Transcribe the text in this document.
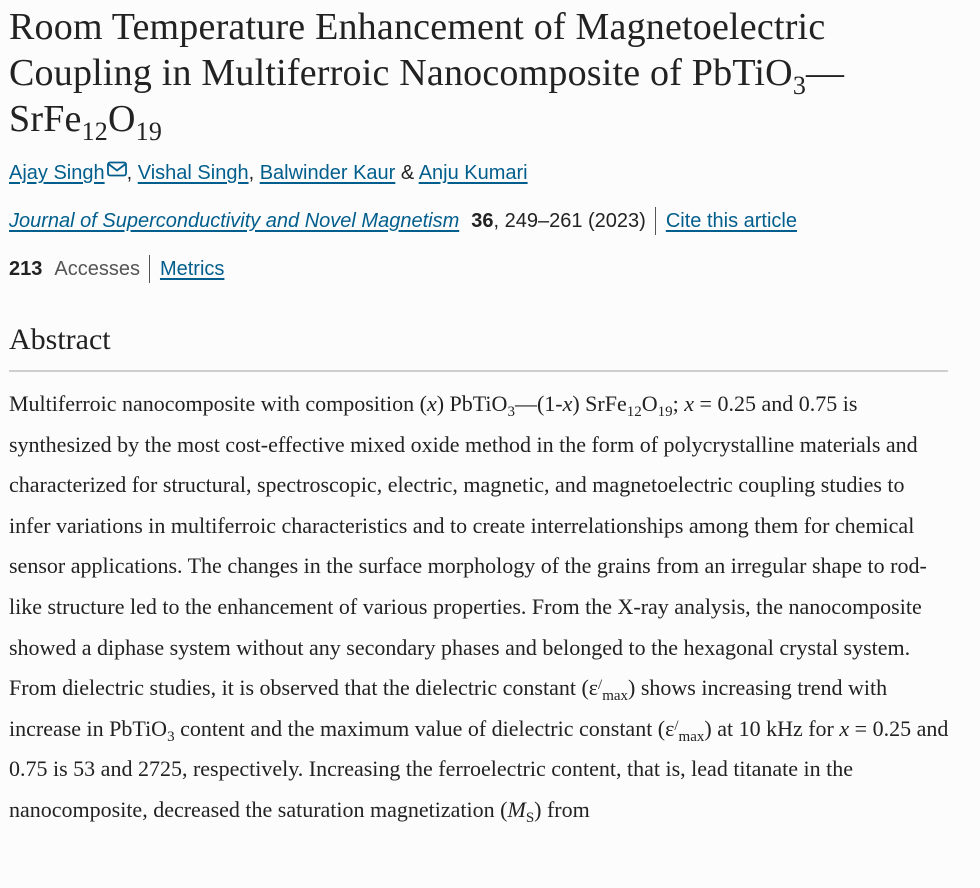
Room Temperature Enhancement of Magnetoelectric Coupling in Multiferroic Nanocomposite of $PbTiO_3—SrFe_{12}O_{19}$
Ajay Singh , Vishal Singh, Balwinder Kaur & Anju Kumari
Journal of Superconductivity and Novel Magnetism 36 , 249–261 (2023) Cite this article
213 Accesses Metrics
Abstract

Multiferroic nanocomposite with composition (x) PbTiO$_3$—(1-x) $SrFe_{12}O_{19}$; x = 0.25 and 0.75 is synthesized by the most cost-effective mixed oxide method in the form of polycrystalline materials and characterized for structural, spectroscopic, electric, magnetic, and magnetoelectric coupling studies to infer variations in multiferroic characteristics and to create interrelationships among them for chemical sensor applications. The changes in the surface morphology of the grains from an irregular shape to rod-like structure led to the enhancement of various properties. From the X-ray analysis, the nanocomposite showed a diphase system without any secondary phases and belonged to the hexagonal crystal system. From dielectric studies, it is observed that the dielectric constant $(\varepsilon^/_{max})$ shows increasing trend with increase in PbTiO$_3$ content and the maximum value of dielectric constant $(\varepsilon^/_{max})$ at 10 kHz for x = 0.25 and 0.75 is 53 and 2725, respectively. Increasing the ferroelectric content, that is, lead titanate in the nanocomposite, decreased the saturation magnetization $(M_S)$ from
